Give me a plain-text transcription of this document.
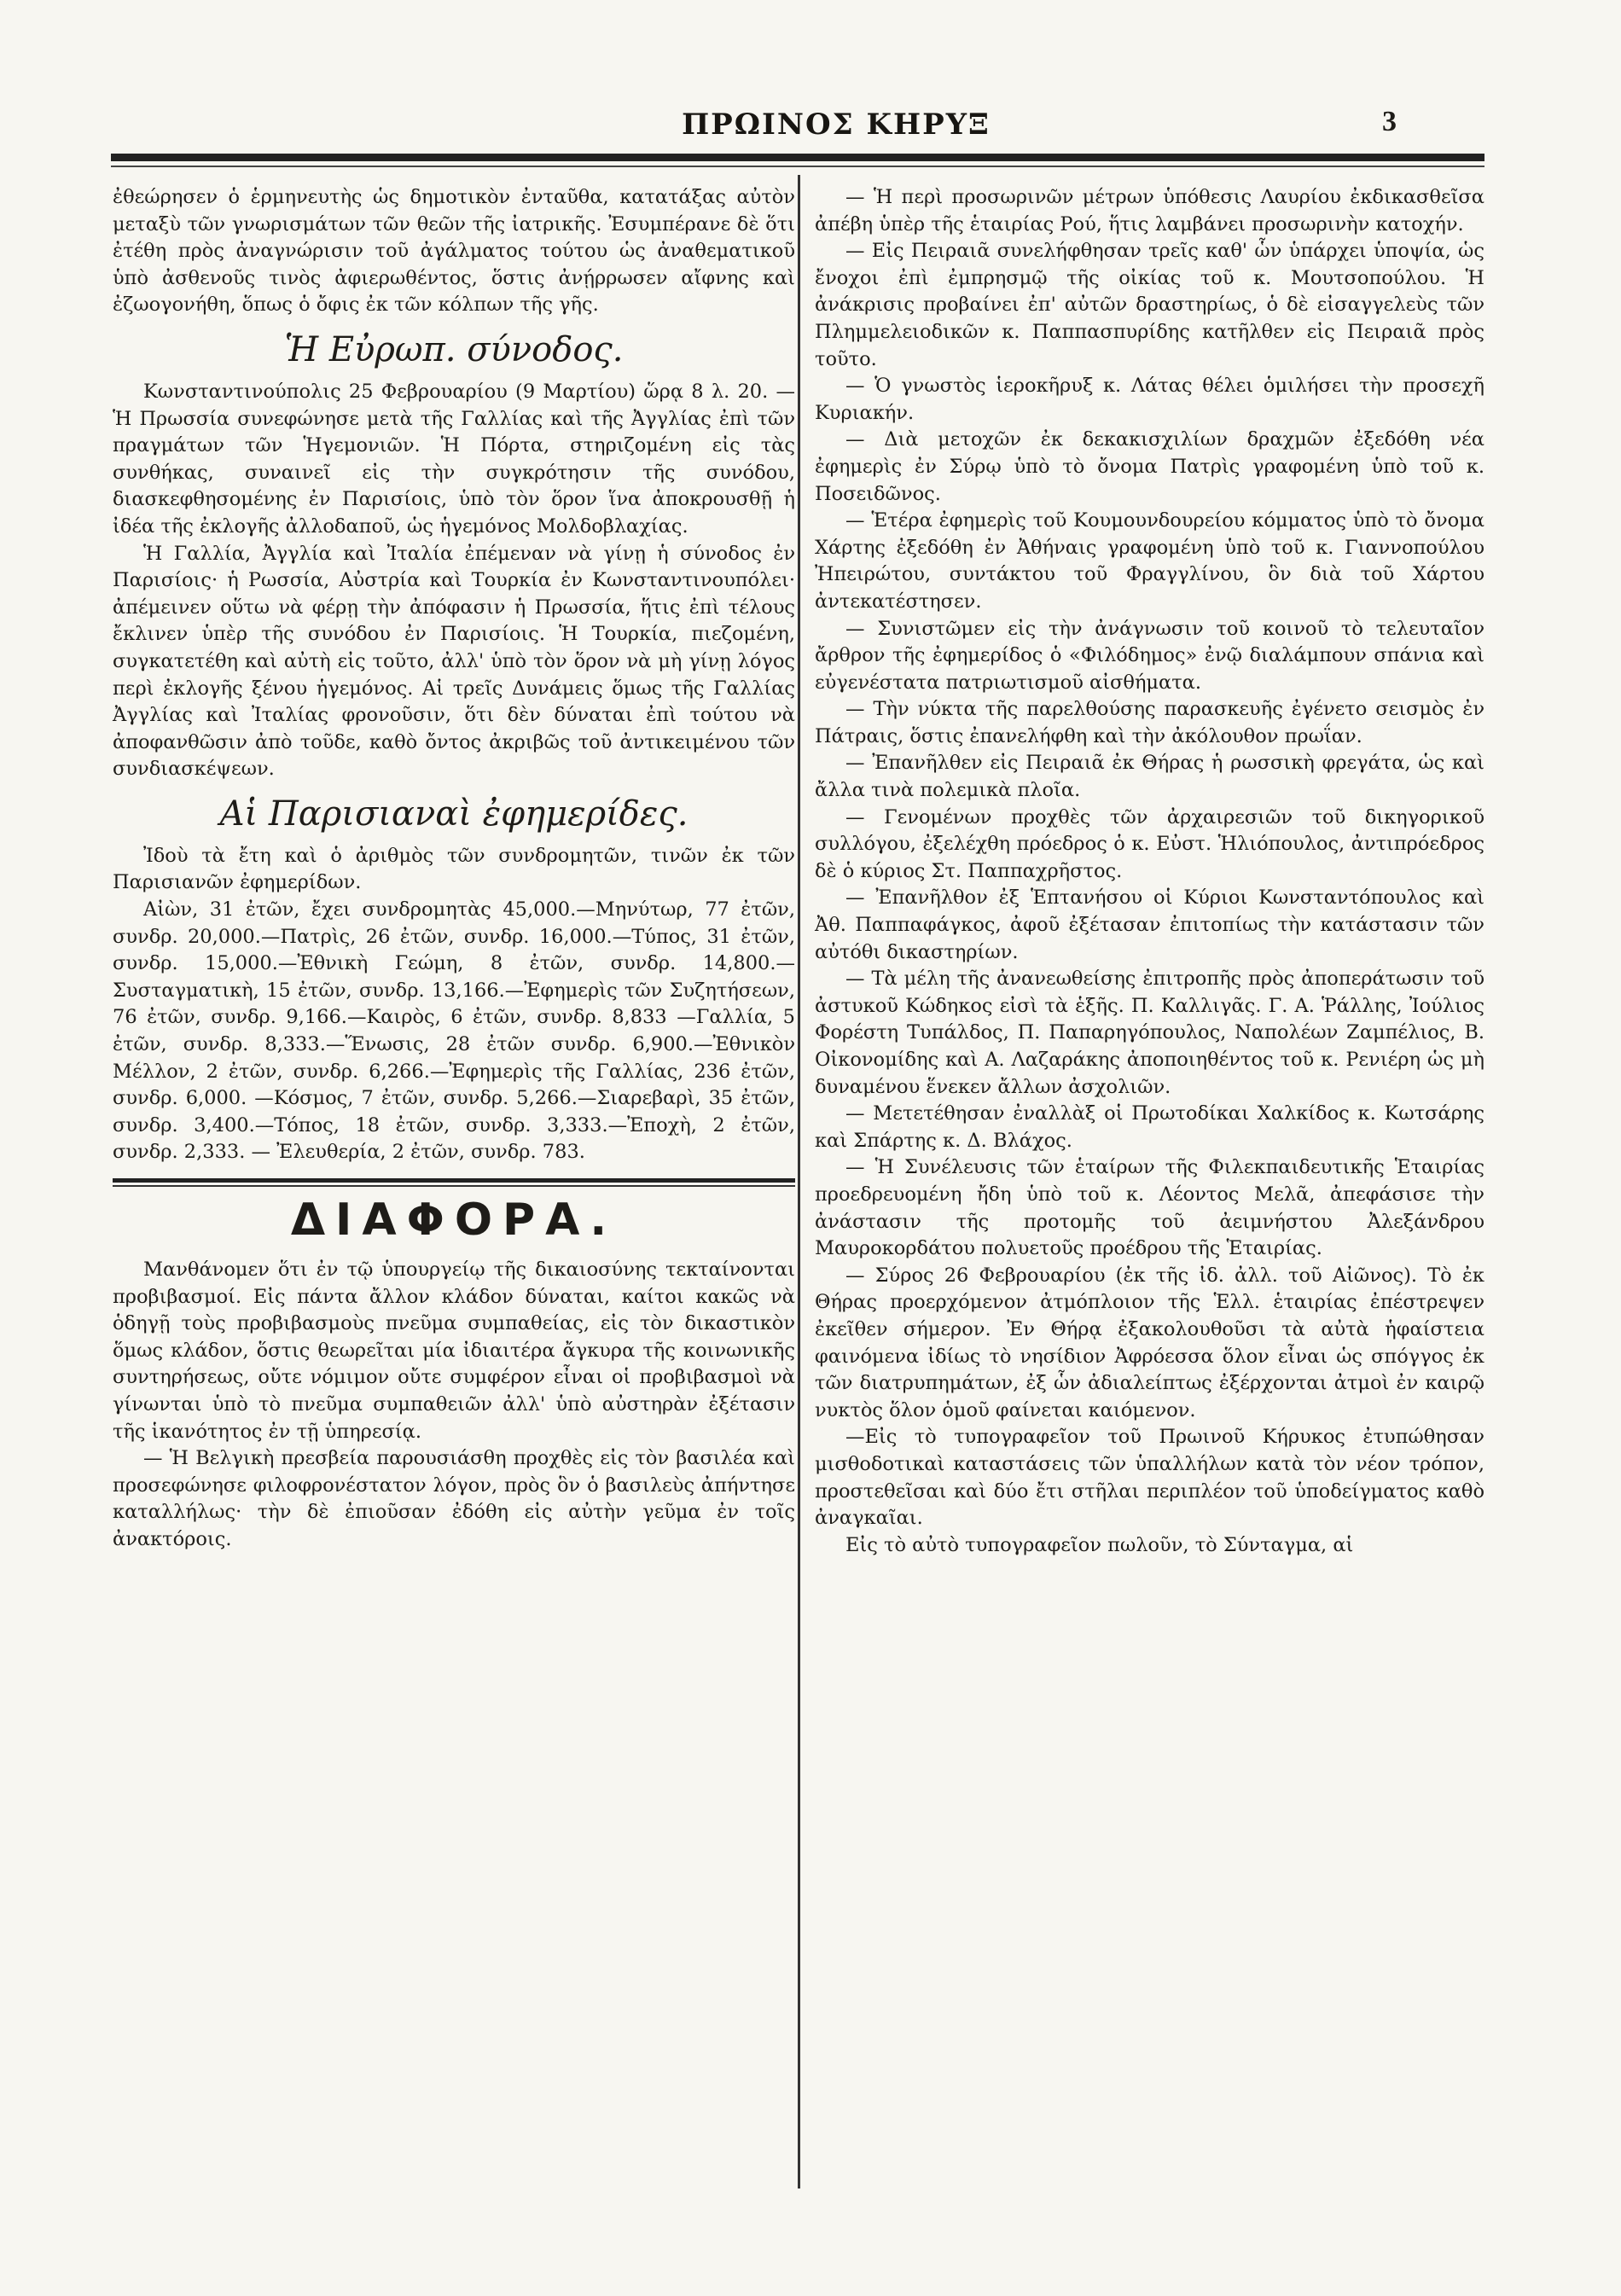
ΠΡΩΙΝΟΣ ΚΗΡΥΞ	3

ἐθεώρησεν ὁ ἑρμηνευτὴς ὡς δημοτικὸν ἐνταῦθα, κατατάξας αὐτὸν μεταξὺ τῶν γνωρισμάτων τῶν θεῶν τῆς ἰατρικῆς. Ἐσυμπέρανε δὲ ὅτι ἐτέθη πρὸς ἀναγνώρισιν τοῦ ἀγάλματος τούτου ὡς ἀναθεματικοῦ ὑπὸ ἀσθενοῦς τινὸς ἀφιερωθέντος, ὅστις ἀνῄρρωσεν αἴφνης καὶ ἐζωογονήθη, ὅπως ὁ ὄφις ἐκ τῶν κόλπων τῆς γῆς.

Ἡ Εὐρωπ. σύνοδος.

Κωνσταντινούπολις 25 Φεβρουαρίου (9 Μαρτίου) ὥρᾳ 8 λ. 20. — Ἡ Πρωσσία συνεφώνησε μετὰ τῆς Γαλλίας καὶ τῆς Ἀγγλίας ἐπὶ τῶν πραγμάτων τῶν Ἡγεμονιῶν. Ἡ Πόρτα, στηριζομένη εἰς τὰς συνθήκας, συναινεῖ εἰς τὴν συγκρότησιν τῆς συνόδου, διασκεφθησομένης ἐν Παρισίοις, ὑπὸ τὸν ὅρον ἵνα ἀποκρουσθῇ ἡ ἰδέα τῆς ἐκλογῆς ἀλλοδαποῦ, ὡς ἡγεμόνος Μολδοβλαχίας.

Ἡ Γαλλία, Ἀγγλία καὶ Ἰταλία ἐπέμεναν νὰ γίνῃ ἡ σύνοδος ἐν Παρισίοις· ἡ Ρωσσία, Αὐστρία καὶ Τουρκία ἐν Κωνσταντινουπόλει· ἀπέμεινεν οὕτω νὰ φέρῃ τὴν ἀπόφασιν ἡ Πρωσσία, ἥτις ἐπὶ τέλους ἔκλινεν ὑπὲρ τῆς συνόδου ἐν Παρισίοις. Ἡ Τουρκία, πιεζομένη, συγκατετέθη καὶ αὐτὴ εἰς τοῦτο, ἀλλ' ὑπὸ τὸν ὅρον νὰ μὴ γίνῃ λόγος περὶ ἐκλογῆς ξένου ἡγεμόνος. Αἱ τρεῖς Δυνάμεις ὅμως τῆς Γαλλίας Ἀγγλίας καὶ Ἰταλίας φρονοῦσιν, ὅτι δὲν δύναται ἐπὶ τούτου νὰ ἀποφανθῶσιν ἀπὸ τοῦδε, καθὸ ὄντος ἀκριβῶς τοῦ ἀντικειμένου τῶν συνδιασκέψεων.

Αἱ Παρισιαναὶ ἐφημερίδες.

Ἰδοὺ τὰ ἔτη καὶ ὁ ἀριθμὸς τῶν συνδρομητῶν, τινῶν ἐκ τῶν Παρισιανῶν ἐφημερίδων.

Αἰὼν, 31 ἐτῶν, ἔχει συνδρομητὰς 45,000.—Μηνύτωρ, 77 ἐτῶν, συνδρ. 20,000.—Πατρὶς, 26 ἐτῶν, συνδρ. 16,000.—Τύπος, 31 ἐτῶν, συνδρ. 15,000.—Ἐθνικὴ Γεώμη, 8 ἐτῶν, συνδρ. 14,800.—Συσταγματικὴ, 15 ἐτῶν, συνδρ. 13,166.—Ἐφημερὶς τῶν Συζητήσεων, 76 ἐτῶν, συνδρ. 9,166.—Καιρὸς, 6 ἐτῶν, συνδρ. 8,833 —Γαλλία, 5 ἐτῶν, συνδρ. 8,333.—Ἕνωσις, 28 ἐτῶν συνδρ. 6,900.—Ἐθνικὸν Μέλλον, 2 ἐτῶν, συνδρ. 6,266.—Ἐφημερὶς τῆς Γαλλίας, 236 ἐτῶν, συνδρ. 6,000. —Κόσμος, 7 ἐτῶν, συνδρ. 5,266.—Σιαρεβαρὶ, 35 ἐτῶν, συνδρ. 3,400.—Τόπος, 18 ἐτῶν, συνδρ. 3,333.—Ἐποχὴ, 2 ἐτῶν, συνδρ. 2,333. — Ἐλευθερία, 2 ἐτῶν, συνδρ. 783.

ΔΙΑΦΟΡΑ.

Μανθάνομεν ὅτι ἐν τῷ ὑπουργείῳ τῆς δικαιοσύνης τεκταίνονται προβιβασμοί. Εἰς πάντα ἄλλον κλάδον δύναται, καίτοι κακῶς νὰ ὁδηγῇ τοὺς προβιβασμοὺς πνεῦμα συμπαθείας, εἰς τὸν δικαστικὸν ὅμως κλάδον, ὅστις θεωρεῖται μία ἰδιαιτέρα ἄγκυρα τῆς κοινωνικῆς συντηρήσεως, οὔτε νόμιμον οὔτε συμφέρον εἶναι οἱ προβιβασμοὶ νὰ γίνωνται ὑπὸ τὸ πνεῦμα συμπαθειῶν ἀλλ' ὑπὸ αὐστηρὰν ἐξέτασιν τῆς ἱκανότητος ἐν τῇ ὑπηρεσίᾳ.

— Ἡ Βελγικὴ πρεσβεία παρουσιάσθη προχθὲς εἰς τὸν βασιλέα καὶ προσεφώνησε φιλοφρονέστατον λόγον, πρὸς ὃν ὁ βασιλεὺς ἀπήντησε καταλλήλως· τὴν δὲ ἐπιοῦσαν ἐδόθη εἰς αὐτὴν γεῦμα ἐν τοῖς ἀνακτόροις.

— Ἡ περὶ προσωρινῶν μέτρων ὑπόθεσις Λαυρίου ἐκδικασθεῖσα ἀπέβη ὑπὲρ τῆς ἑταιρίας Ρού, ἥτις λαμβάνει προσωρινὴν κατοχήν.

— Εἰς Πειραιᾶ συνελήφθησαν τρεῖς καθ' ὧν ὑπάρχει ὑποψία, ὡς ἔνοχοι ἐπὶ ἐμπρησμῷ τῆς οἰκίας τοῦ κ. Μουτσοπούλου. Ἡ ἀνάκρισις προβαίνει ἐπ' αὐτῶν δραστηρίως, ὁ δὲ εἰσαγγελεὺς τῶν Πλημμελειοδικῶν κ. Παππασπυρίδης κατῆλθεν εἰς Πειραιᾶ πρὸς τοῦτο.

— Ὁ γνωστὸς ἱεροκῆρυξ κ. Λάτας θέλει ὁμιλήσει τὴν προσεχῆ Κυριακήν.

— Διὰ μετοχῶν ἐκ δεκακισχιλίων δραχμῶν ἐξεδόθη νέα ἐφημερὶς ἐν Σύρῳ ὑπὸ τὸ ὄνομα Πατρὶς γραφομένη ὑπὸ τοῦ κ. Ποσειδῶνος.

— Ἑτέρα ἐφημερὶς τοῦ Κουμουνδουρείου κόμματος ὑπὸ τὸ ὄνομα Χάρτης ἐξεδόθη ἐν Ἀθήναις γραφομένη ὑπὸ τοῦ κ. Γιαννοπούλου Ἠπειρώτου, συντάκτου τοῦ Φραγγλίνου, ὃν διὰ τοῦ Χάρτου ἀντεκατέστησεν.

— Συνιστῶμεν εἰς τὴν ἀνάγνωσιν τοῦ κοινοῦ τὸ τελευταῖον ἄρθρον τῆς ἐφημερίδος ὁ «Φιλόδημος» ἐνῷ διαλάμπουν σπάνια καὶ εὐγενέστατα πατριωτισμοῦ αἰσθήματα.

— Τὴν νύκτα τῆς παρελθούσης παρασκευῆς ἐγένετο σεισμὸς ἐν Πάτραις, ὅστις ἐπανελήφθη καὶ τὴν ἀκόλουθον πρωΐαν.

— Ἐπανῆλθεν εἰς Πειραιᾶ ἐκ Θήρας ἡ ρωσσικὴ φρεγάτα, ὡς καὶ ἄλλα τινὰ πολεμικὰ πλοῖα.

— Γενομένων προχθὲς τῶν ἀρχαιρεσιῶν τοῦ δικηγορικοῦ συλλόγου, ἐξελέχθη πρόεδρος ὁ κ. Εὐστ. Ἡλιόπουλος, ἀντιπρόεδρος δὲ ὁ κύριος Στ. Παππαχρῆστος.

— Ἐπανῆλθον ἐξ Ἑπτανήσου οἱ Κύριοι Κωνσταντόπουλος καὶ Ἀθ. Παππαφάγκος, ἀφοῦ ἐξέτασαν ἐπιτοπίως τὴν κατάστασιν τῶν αὐτόθι δικαστηρίων.

— Τὰ μέλη τῆς ἀνανεωθείσης ἐπιτροπῆς πρὸς ἀποπεράτωσιν τοῦ ἀστυκοῦ Κώδηκος εἰσὶ τὰ ἑξῆς. Π. Καλλιγᾶς. Γ. Α. Ῥάλλης, Ἰούλιος Φορέστη Τυπάλδος, Π. Παπαρηγόπουλος, Ναπολέων Ζαμπέλιος, Β. Οἰκονομίδης καὶ Α. Λαζαράκης ἀποποιηθέντος τοῦ κ. Ρενιέρη ὡς μὴ δυναμένου ἕνεκεν ἄλλων ἀσχολιῶν.

— Μετετέθησαν ἐναλλὰξ οἱ Πρωτοδίκαι Χαλκίδος κ. Κωτσάρης καὶ Σπάρτης κ. Δ. Βλάχος.

— Ἡ Συνέλευσις τῶν ἑταίρων τῆς Φιλεκπαιδευτικῆς Ἑταιρίας προεδρευομένη ἤδη ὑπὸ τοῦ κ. Λέοντος Μελᾶ, ἀπεφάσισε τὴν ἀνάστασιν τῆς προτομῆς τοῦ ἀειμνήστου Ἀλεξάνδρου Μαυροκορδάτου πολυετοῦς προέδρου τῆς Ἑταιρίας.

— Σύρος 26 Φεβρουαρίου (ἐκ τῆς ἰδ. ἀλλ. τοῦ Αἰῶνος). Τὸ ἐκ Θήρας προερχόμενον ἀτμόπλοιον τῆς Ἑλλ. ἑταιρίας ἐπέστρεψεν ἐκεῖθεν σήμερον. Ἐν Θήρᾳ ἐξακολουθοῦσι τὰ αὐτὰ ἡφαίστεια φαινόμενα ἰδίως τὸ νησίδιον Ἀφρόεσσα ὅλον εἶναι ὡς σπόγγος ἐκ τῶν διατρυπημάτων, ἐξ ὧν ἀδιαλείπτως ἐξέρχονται ἀτμοὶ ἐν καιρῷ νυκτὸς ὅλον ὁμοῦ φαίνεται καιόμενον.

—Εἰς τὸ τυπογραφεῖον τοῦ Πρωινοῦ Κήρυκος ἐτυπώθησαν μισθοδοτικαὶ καταστάσεις τῶν ὑπαλλήλων κατὰ τὸν νέον τρόπον, προστεθεῖσαι καὶ δύο ἔτι στῆλαι περιπλέον τοῦ ὑποδείγματος καθὸ ἀναγκαῖαι.

Εἰς τὸ αὐτὸ τυπογραφεῖον πωλοῦν, τὸ Σύνταγμα, αἱ
